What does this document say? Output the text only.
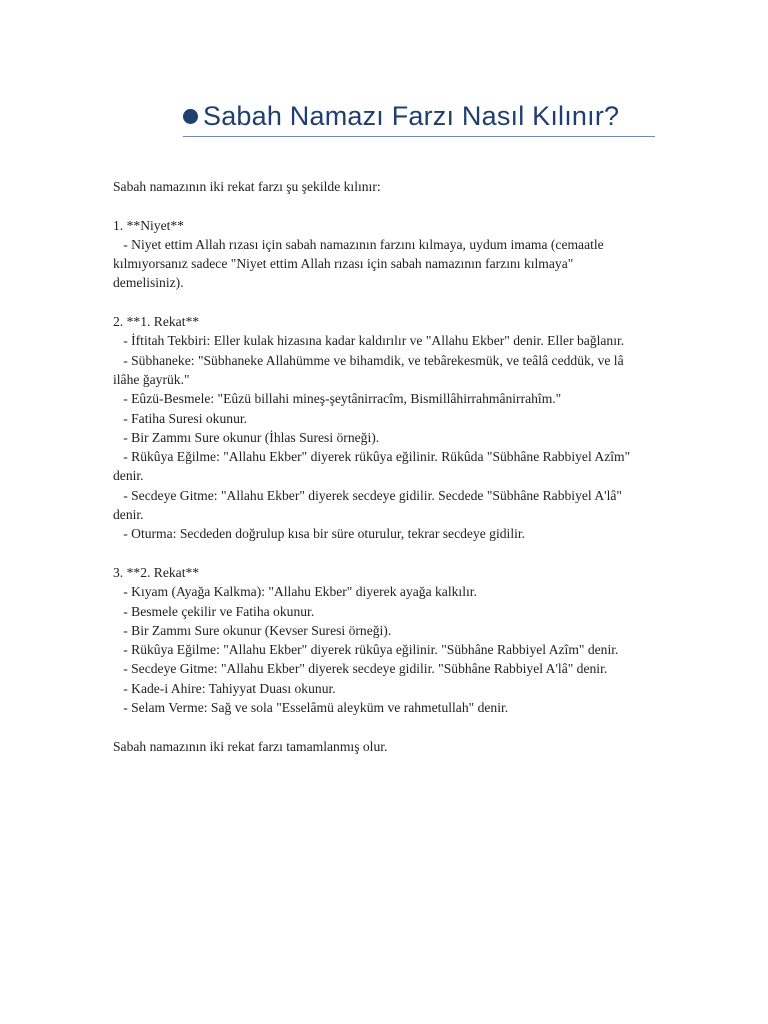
Sabah Namazı Farzı Nasıl Kılınır?
Sabah namazının iki rekat farzı şu şekilde kılınır:
1. **Niyet**
- Niyet ettim Allah rızası için sabah namazının farzını kılmaya, uydum imama (cemaatle
kılmıyorsanız sadece "Niyet ettim Allah rızası için sabah namazının farzını kılmaya"
demelisiniz).
2. **1. Rekat**
- İftitah Tekbiri: Eller kulak hizasına kadar kaldırılır ve "Allahu Ekber" denir. Eller bağlanır.
- Sübhaneke: "Sübhaneke Allahümme ve bihamdik, ve tebârekesmük, ve teâlâ ceddük, ve lâ
ilâhe ğayrük."
- Eûzü-Besmele: "Eûzü billahi mineş-şeytânirracîm, Bismillâhirrahmânirrahîm."
- Fatiha Suresi okunur.
- Bir Zammı Sure okunur (İhlas Suresi örneği).
- Rükûya Eğilme: "Allahu Ekber" diyerek rükûya eğilinir. Rükûda "Sübhâne Rabbiyel Azîm"
denir.
- Secdeye Gitme: "Allahu Ekber" diyerek secdeye gidilir. Secdede "Sübhâne Rabbiyel A'lâ"
denir.
- Oturma: Secdeden doğrulup kısa bir süre oturulur, tekrar secdeye gidilir.
3. **2. Rekat**
- Kıyam (Ayağa Kalkma): "Allahu Ekber" diyerek ayağa kalkılır.
- Besmele çekilir ve Fatiha okunur.
- Bir Zammı Sure okunur (Kevser Suresi örneği).
- Rükûya Eğilme: "Allahu Ekber" diyerek rükûya eğilinir. "Sübhâne Rabbiyel Azîm" denir.
- Secdeye Gitme: "Allahu Ekber" diyerek secdeye gidilir. "Sübhâne Rabbiyel A'lâ" denir.
- Kade-i Ahire: Tahiyyat Duası okunur.
- Selam Verme: Sağ ve sola "Esselâmü aleyküm ve rahmetullah" denir.
Sabah namazının iki rekat farzı tamamlanmış olur.
